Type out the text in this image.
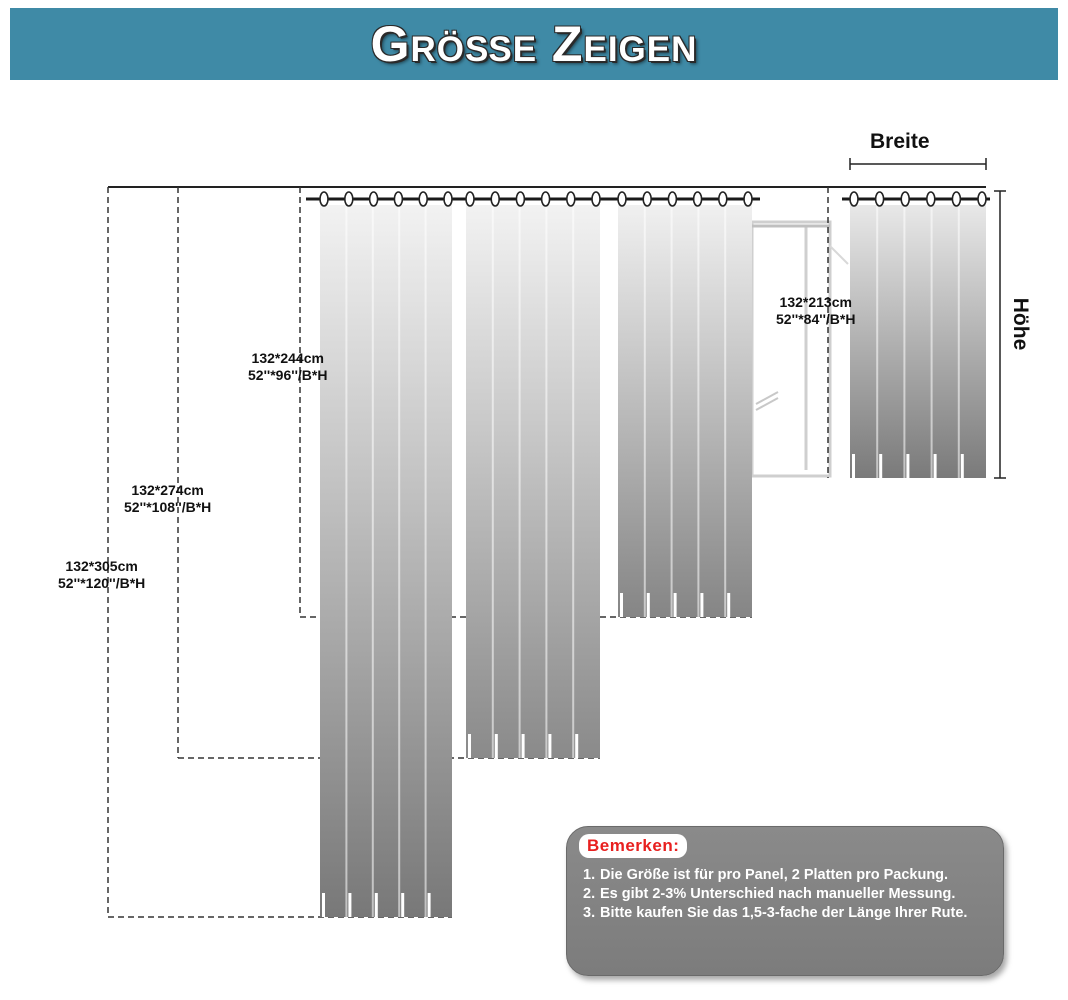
Größe Zeigen
Breite
Höhe
132*244cm
52''*96''/B*H
132*274cm
52''*108''/B*H
132*305cm
52''*120''/B*H
132*213cm
52''*84''/B*H
Bemerken:
1. Die Größe ist für pro Panel, 2 Platten pro Packung.
2. Es gibt 2-3% Unterschied nach manueller Messung.
3. Bitte kaufen Sie das 1,5-3-fache der Länge Ihrer Rute.
